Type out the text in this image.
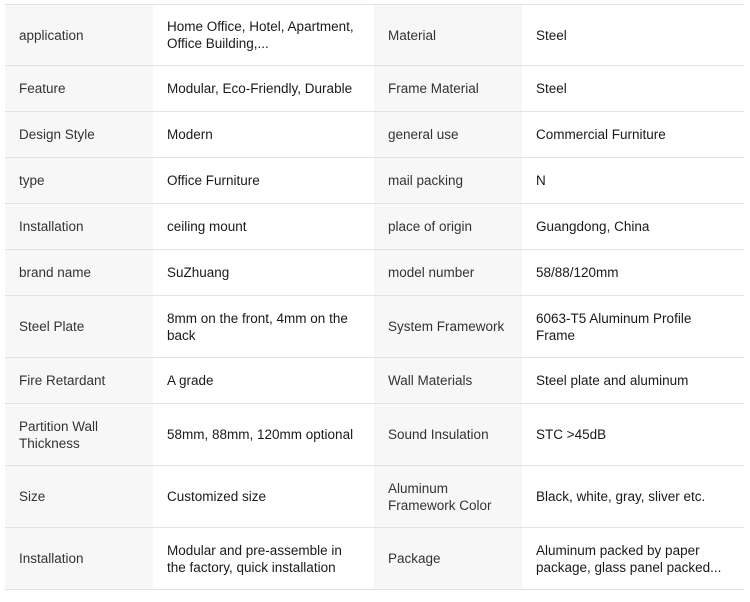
application	Home Office, Hotel, Apartment, Office Building,...	Material	Steel
Feature	Modular, Eco-Friendly, Durable	Frame Material	Steel
Design Style	Modern	general use	Commercial Furniture
type	Office Furniture	mail packing	N
Installation	ceiling mount	place of origin	Guangdong, China
brand name	SuZhuang	model number	58/88/120mm
Steel Plate	8mm on the front, 4mm on the back	System Framework	6063-T5 Aluminum Profile Frame
Fire Retardant	A grade	Wall Materials	Steel plate and aluminum
Partition Wall Thickness	58mm, 88mm, 120mm optional	Sound Insulation	STC >45dB
Size	Customized size	Aluminum Framework Color	Black, white, gray, sliver etc.
Installation	Modular and pre-assemble in the factory, quick installation	Package	Aluminum packed by paper package, glass panel packed...
